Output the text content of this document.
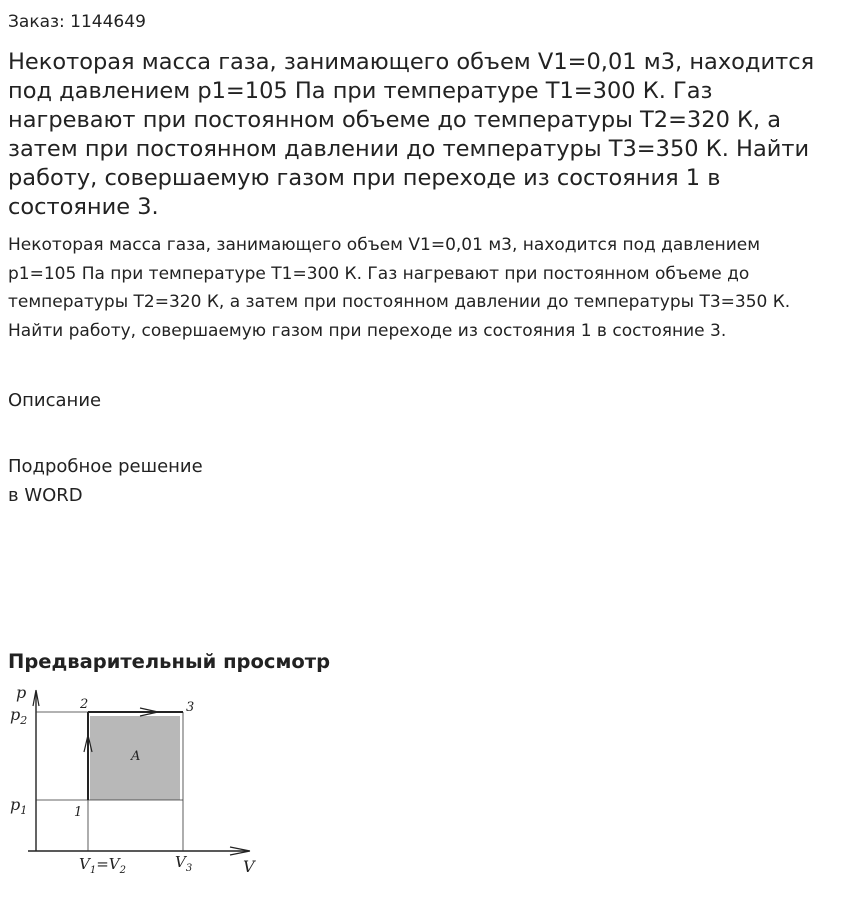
Заказ: 1144649
Некоторая масса газа, занимающего объем V1=0,01 м3, находится под давлением p1=105 Па при температуре Т1=300 К. Газ нагревают при постоянном объеме до температуры Т2=320 К, а затем при постоянном давлении до температуры Т3=350 К. Найти работу, совершаемую газом при переходе из состояния 1 в состояние 3.

Некоторая масса газа, занимающего объем V1=0,01 м3, находится под давлением p1=105 Па при температуре Т1=300 К. Газ нагревают при постоянном объеме до температуры Т2=320 К, а затем при постоянном давлении до температуры Т3=350 К. Найти работу, совершаемую газом при переходе из состояния 1 в состояние 3.

Описание
Подробное решение
в WORD
Предварительный просмотр
p
V
$p_2$
$p_1$
$V_1=V_2$	$V_3$
1
2	3
A
